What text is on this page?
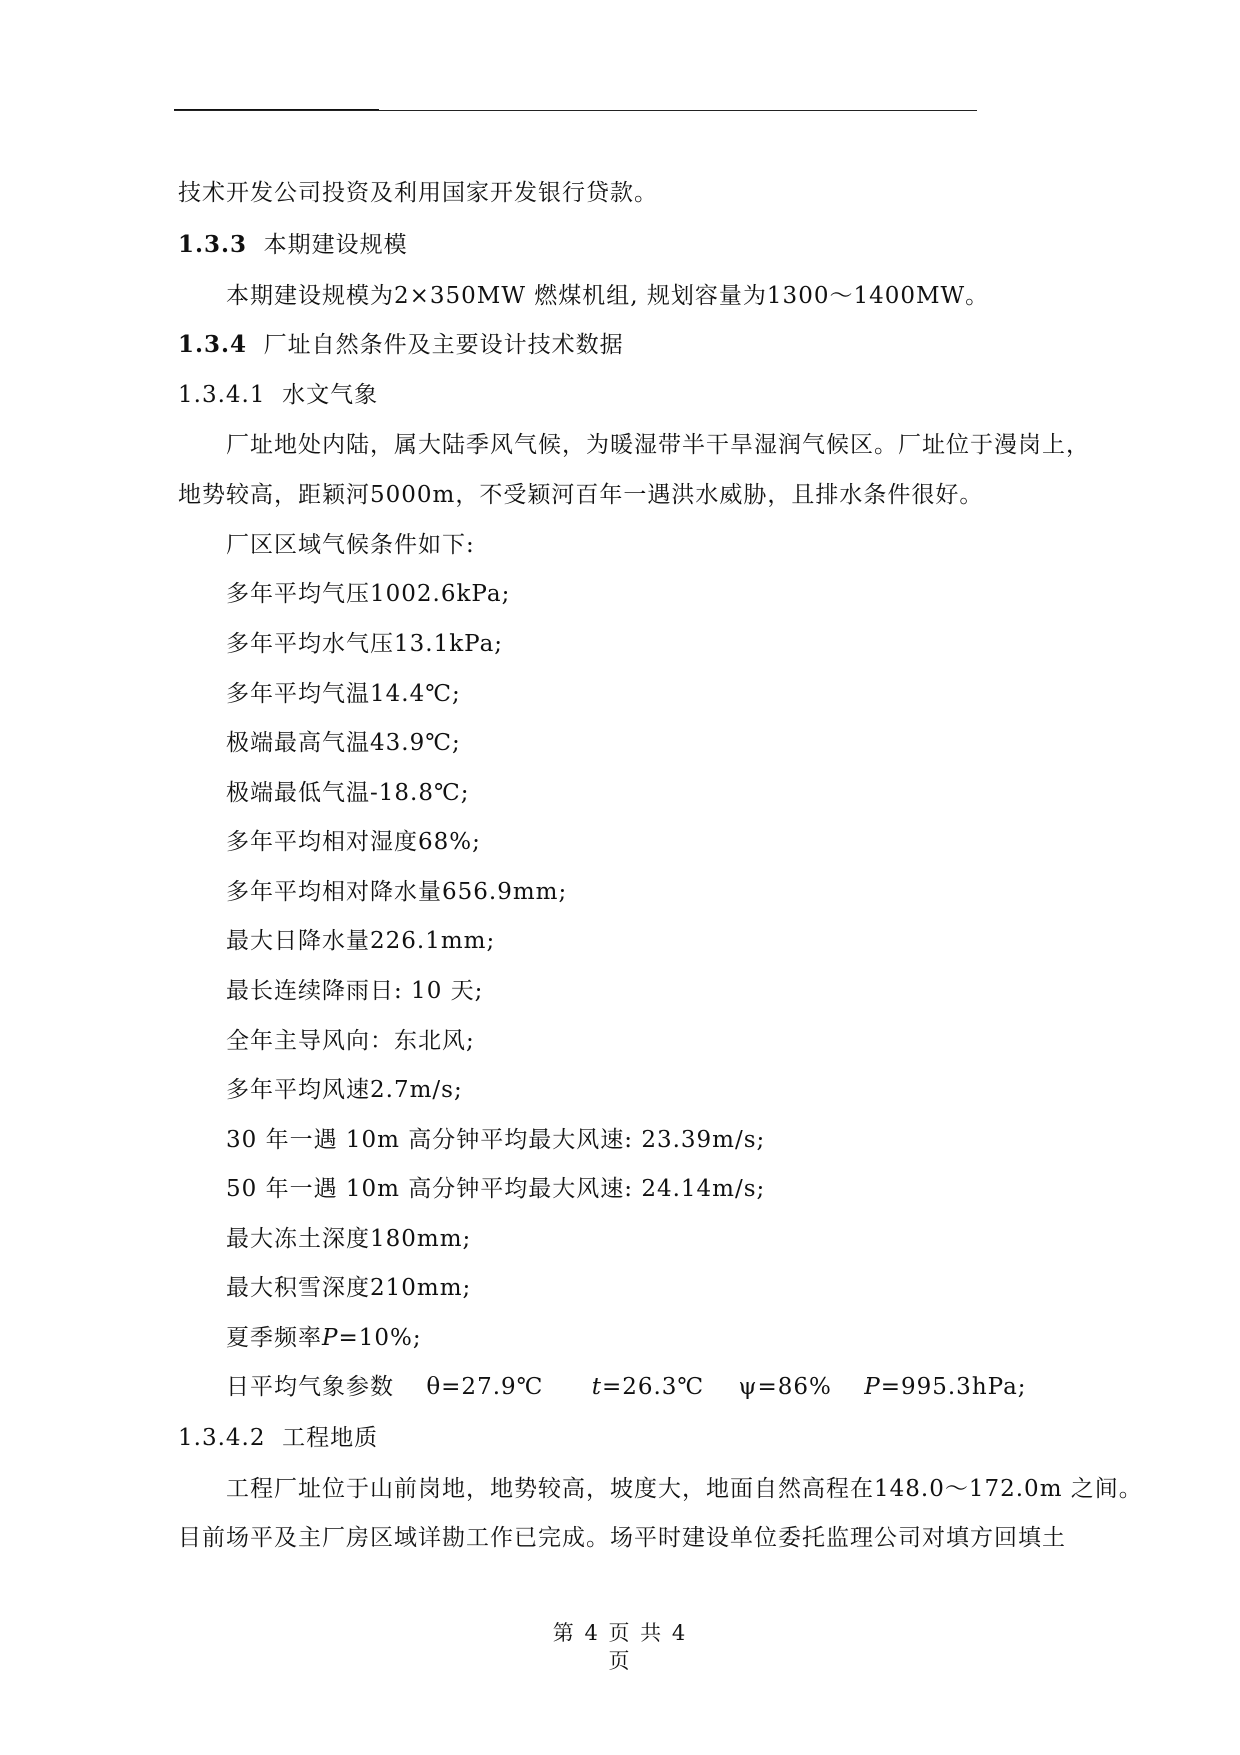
技术开发公司投资及利用国家开发银行贷款。
1.3.3 本期建设规模
本期建设规模为2×350MW 燃煤机组, 规划容量为1300～1400MW。
1.3.4 厂址自然条件及主要设计技术数据
1.3.4.1 水文气象
厂址地处内陆，属大陆季风气候，为暖湿带半干旱湿润气候区。厂址位于漫岗上，
地势较高，距颖河5000m，不受颖河百年一遇洪水威胁，且排水条件很好。
厂区区域气候条件如下:
多年平均气压1002.6kPa;
多年平均水气压13.1kPa;
多年平均气温14.4℃;
极端最高气温43.9℃;
极端最低气温-18.8℃;
多年平均相对湿度68%;
多年平均相对降水量656.9mm;
最大日降水量226.1mm;
最长连续降雨日: 10 天;
全年主导风向：东北风;
多年平均风速2.7m/s;
30 年一遇 10m 高分钟平均最大风速: 23.39m/s;
50 年一遇 10m 高分钟平均最大风速: 24.14m/s;
最大冻土深度180mm;
最大积雪深度210mm;
夏季频率P=10%;
日平均气象参数 θ=27.9℃ t=26.3℃ ψ=86% P=995.3hPa;
1.3.4.2 工程地质
工程厂址位于山前岗地，地势较高，坡度大，地面自然高程在148.0～172.0m 之间。
目前场平及主厂房区域详勘工作已完成。场平时建设单位委托监理公司对填方回填土
第 4 页 共 4
页
